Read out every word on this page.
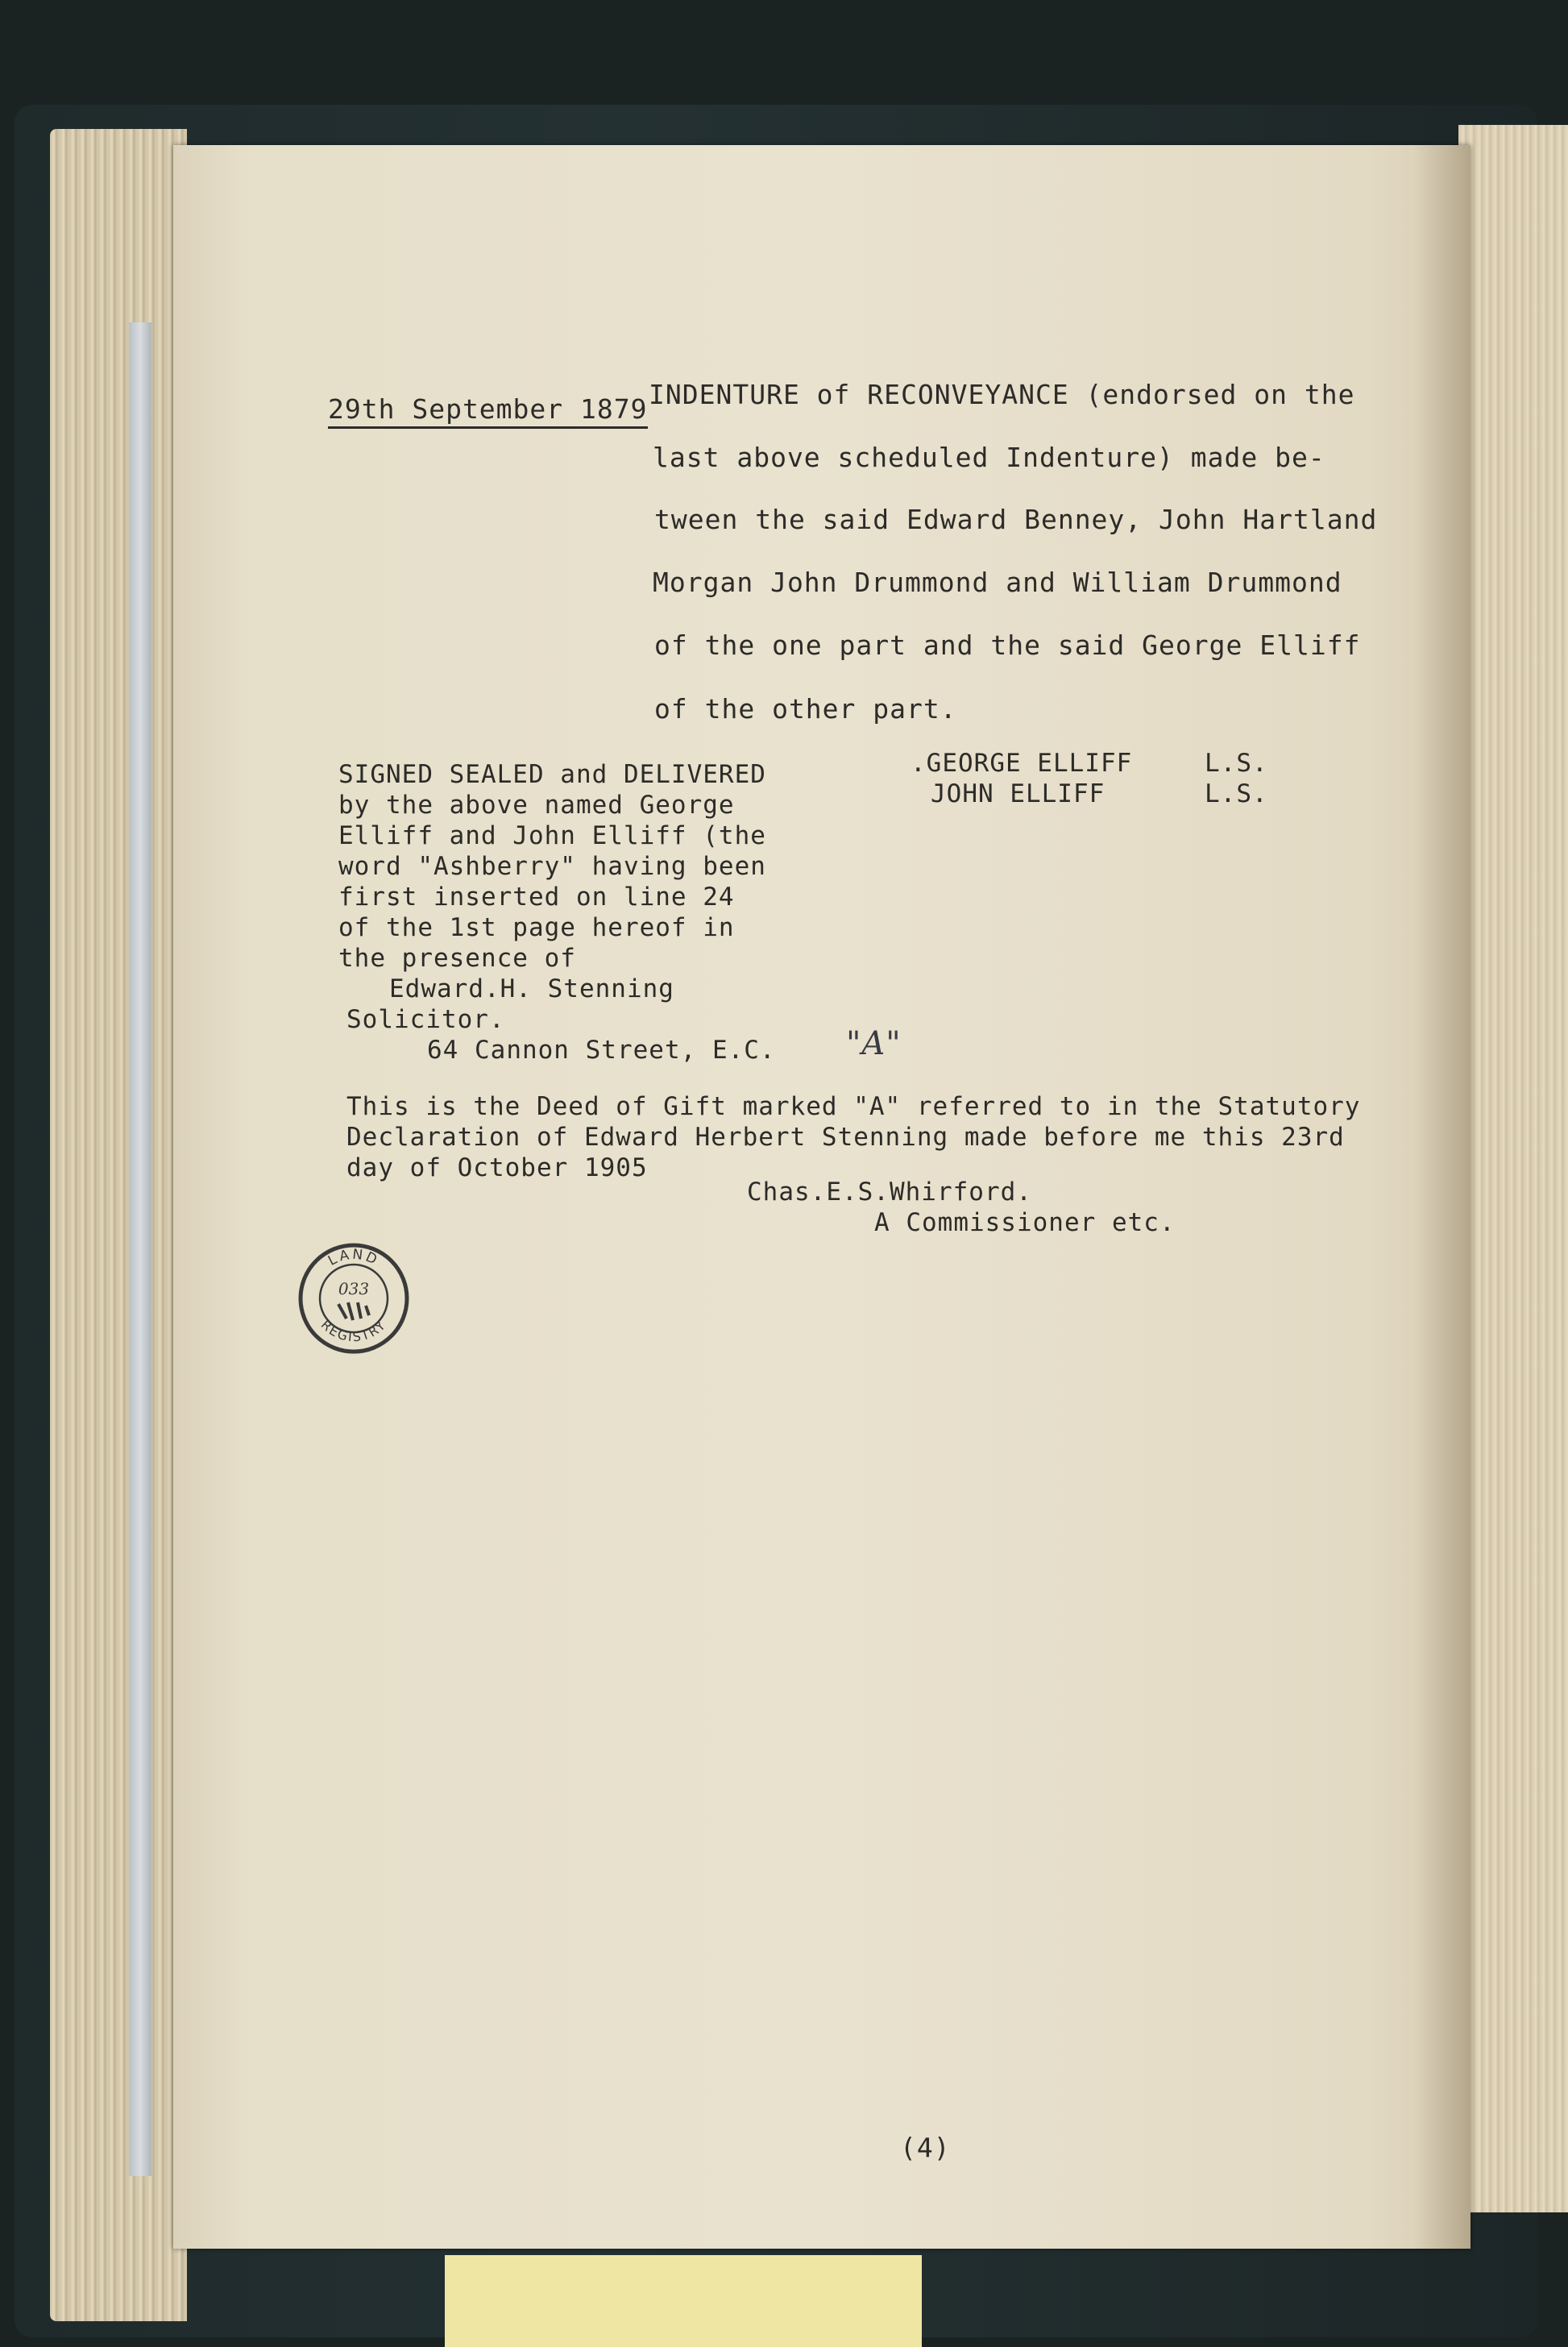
29th September 1879 INDENTURE of RECONVEYANCE (endorsed on the
last above scheduled Indenture) made be-
tween the said Edward Benney, John Hartland
Morgan John Drummond and William Drummond
of the one part and the said George Elliff
of the other part.
SIGNED SEALED and DELIVERED
by the above named George
Elliff and John Elliff (the
word "Ashberry" having been
first inserted on line 24
of the 1st page hereof in
the presence of
Edward.H. Stenning
Solicitor.
64 Cannon Street, E.C.
.GEORGE ELLIFF	L.S.
JOHN ELLIFF	L.S.
"A"
This is the Deed of Gift marked "A" referred to in the Statutory
Declaration of Edward Herbert Stenning made before me this 23rd
day of October 1905
Chas.E.S.Whirford.
A Commissioner etc.
(4)
LAND
REGISTRY
033
